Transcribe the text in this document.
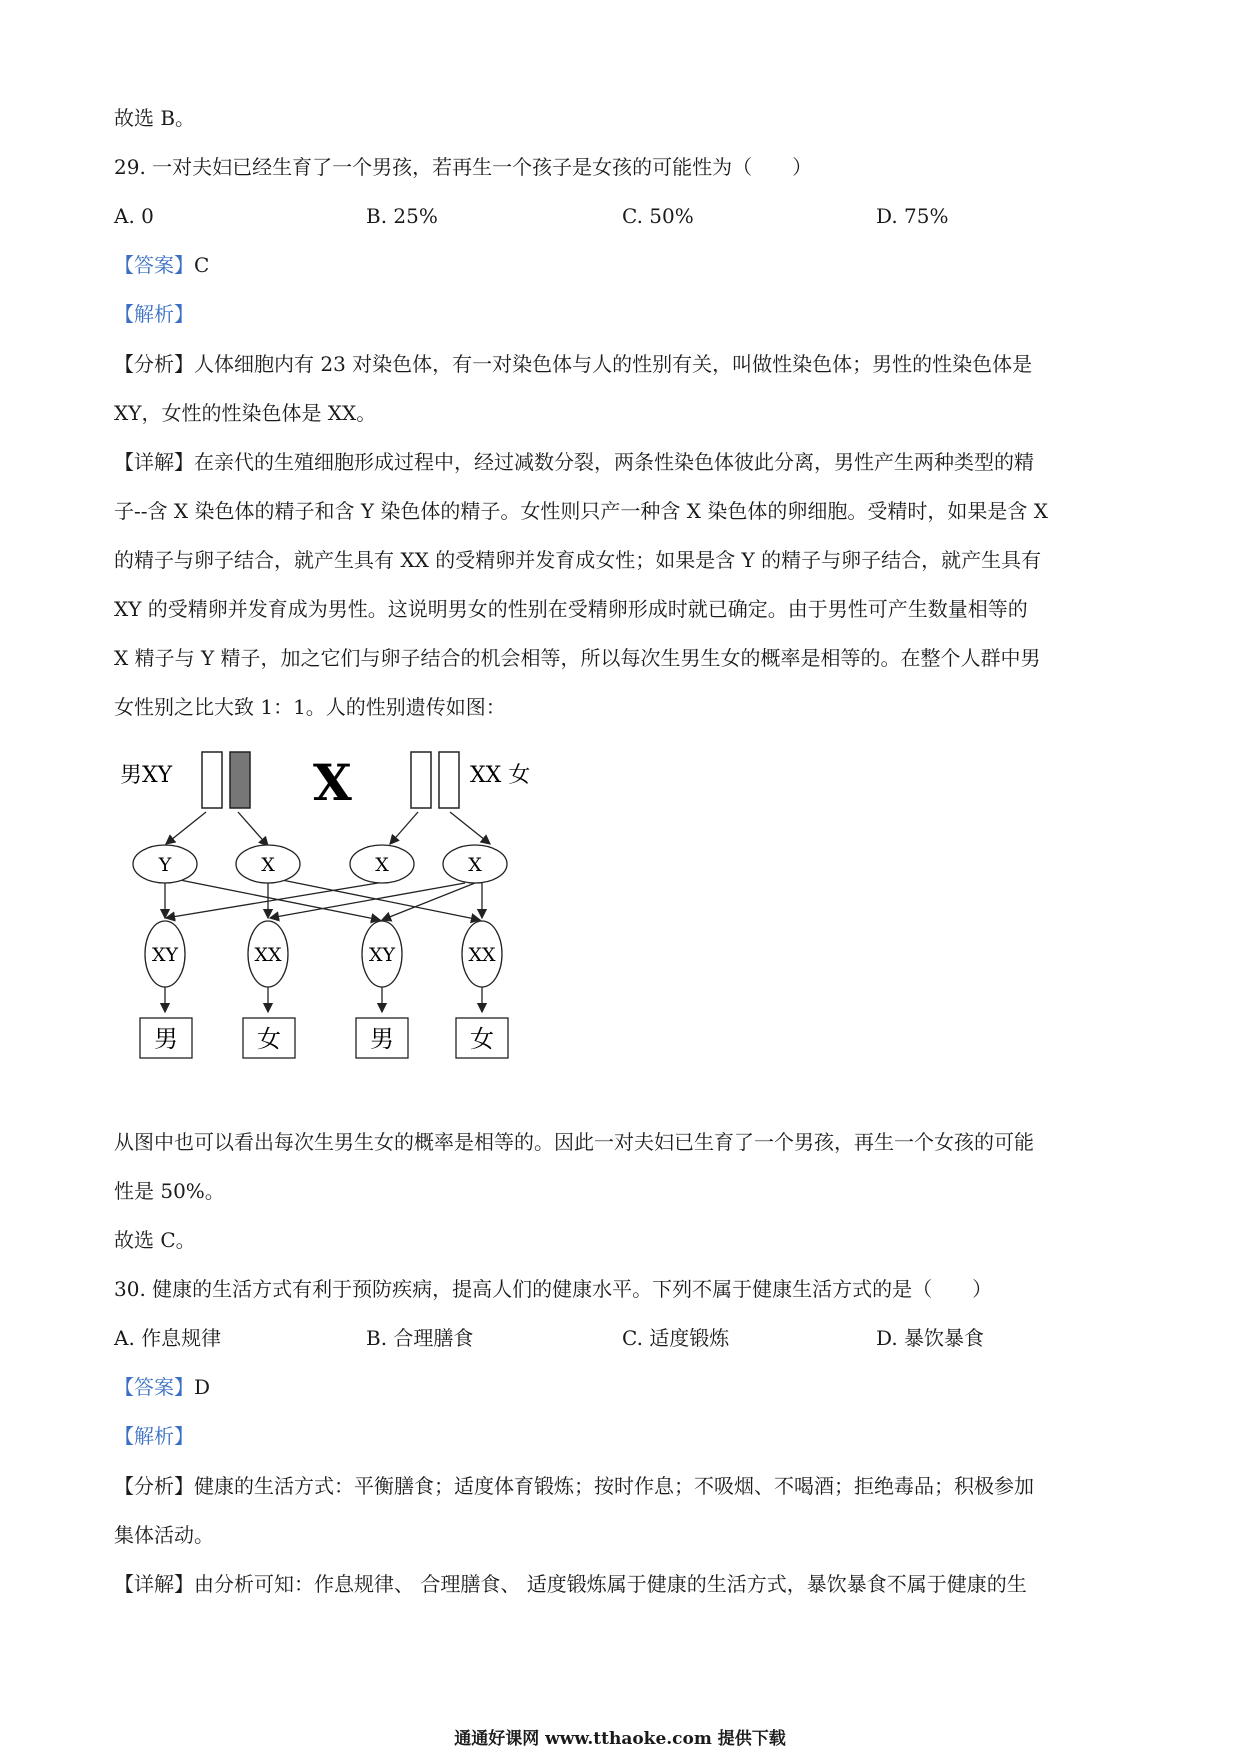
故选 B。
29. 一对夫妇已经生育了一个男孩，若再生一个孩子是女孩的可能性为（　　）
A. 0	B. 25%	C. 50%	D. 75%
【答案】C
【解析】
【分析】人体细胞内有 23 对染色体，有一对染色体与人的性别有关，叫做性染色体；男性的性染色体是
XY，女性的性染色体是 XX。
【详解】在亲代的生殖细胞形成过程中，经过减数分裂，两条性染色体彼此分离，男性产生两种类型的精
子--含 X 染色体的精子和含 Y 染色体的精子。女性则只产一种含 X 染色体的卵细胞。受精时，如果是含 X
的精子与卵子结合，就产生具有 XX 的受精卵并发育成女性；如果是含 Y 的精子与卵子结合，就产生具有
XY 的受精卵并发育成为男性。这说明男女的性别在受精卵形成时就已确定。由于男性可产生数量相等的
X 精子与 Y 精子，加之它们与卵子结合的机会相等，所以每次生男生女的概率是相等的。在整个人群中男
女性别之比大致 1：1。人的性别遗传如图：
男XY	X	XX 女
Y	X	X	X
XY	XX	XY	XX
男	女	男	女
从图中也可以看出每次生男生女的概率是相等的。因此一对夫妇已生育了一个男孩，再生一个女孩的可能
性是 50%。
故选 C。
30. 健康的生活方式有利于预防疾病，提高人们的健康水平。下列不属于健康生活方式的是（　　）
A. 作息规律	B. 合理膳食	C. 适度锻炼	D. 暴饮暴食
【答案】D
【解析】
【分析】健康的生活方式：平衡膳食；适度体育锻炼；按时作息；不吸烟、不喝酒；拒绝毒品；积极参加
集体活动。
【详解】由分析可知：作息规律、 合理膳食、 适度锻炼属于健康的生活方式，暴饮暴食不属于健康的生
通通好课网 www.tthaoke.com 提供下载
